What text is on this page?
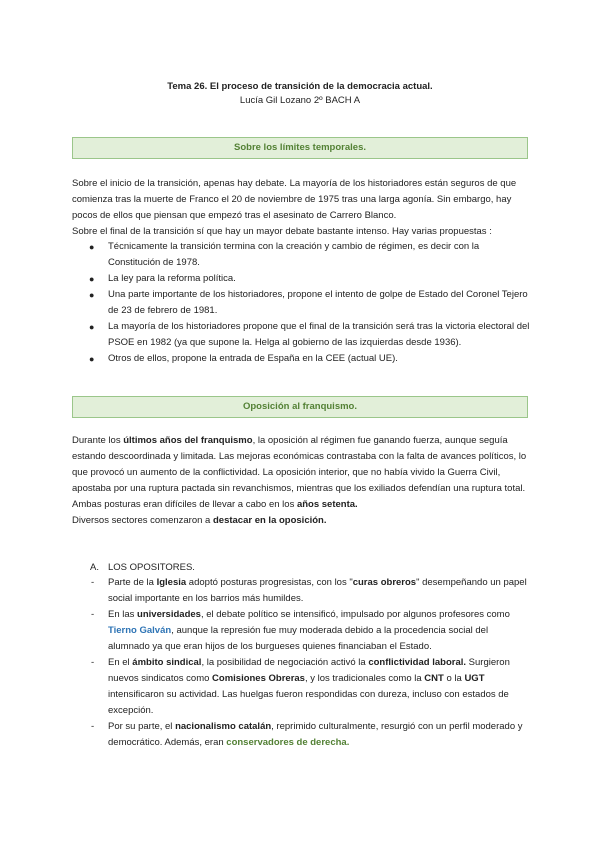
Tema 26. El proceso de transición de la democracia actual.
Lucía Gil Lozano 2º BACH A
Sobre los límites temporales.
Sobre el inicio de la transición, apenas hay debate. La mayoría de los historiadores están seguros de que comienza tras la muerte de Franco el 20 de noviembre de 1975 tras una larga agonía. Sin embargo, hay pocos de ellos que piensan que empezó tras el asesinato de Carrero Blanco.
Sobre el final de la transición sí que hay un mayor debate bastante intenso. Hay varias propuestas :
● Técnicamente la transición termina con la creación y cambio de régimen, es decir con la Constitución de 1978.
● La ley para la reforma política.
● Una parte importante de los historiadores, propone el intento de golpe de Estado del Coronel Tejero de 23 de febrero de 1981.
● La mayoría de los historiadores propone que el final de la transición será tras la victoria electoral del PSOE en 1982 (ya que supone la. Helga al gobierno de las izquierdas desde 1936).
● Otros de ellos, propone la entrada de España en la CEE (actual UE).
Oposición al franquismo.
Durante los últimos años del franquismo, la oposición al régimen fue ganando fuerza, aunque seguía estando descoordinada y limitada. Las mejoras económicas contrastaba con la falta de avances políticos, lo que provocó un aumento de la conflictividad. La oposición interior, que no había vivido la Guerra Civil, apostaba por una ruptura pactada sin revanchismos, mientras que los exiliados defendían una ruptura total.
Ambas posturas eran difíciles de llevar a cabo en los años setenta.
Diversos sectores comenzaron a destacar en la oposición.
A. LOS OPOSITORES.
- Parte de la Iglesia adoptó posturas progresistas, con los "curas obreros" desempeñando un papel social importante en los barrios más humildes.
- En las universidades, el debate político se intensificó, impulsado por algunos profesores como Tierno Galván, aunque la represión fue muy moderada debido a la procedencia social del alumnado ya que eran hijos de los burgueses quienes financiaban el Estado.
- En el ámbito sindical, la posibilidad de negociación activó la conflictividad laboral. Surgieron nuevos sindicatos como Comisiones Obreras, y los tradicionales como la CNT o la UGT intensificaron su actividad. Las huelgas fueron respondidas con dureza, incluso con estados de excepción.
- Por su parte, el nacionalismo catalán, reprimido culturalmente, resurgió con un perfil moderado y democrático. Además, eran conservadores de derecha.
